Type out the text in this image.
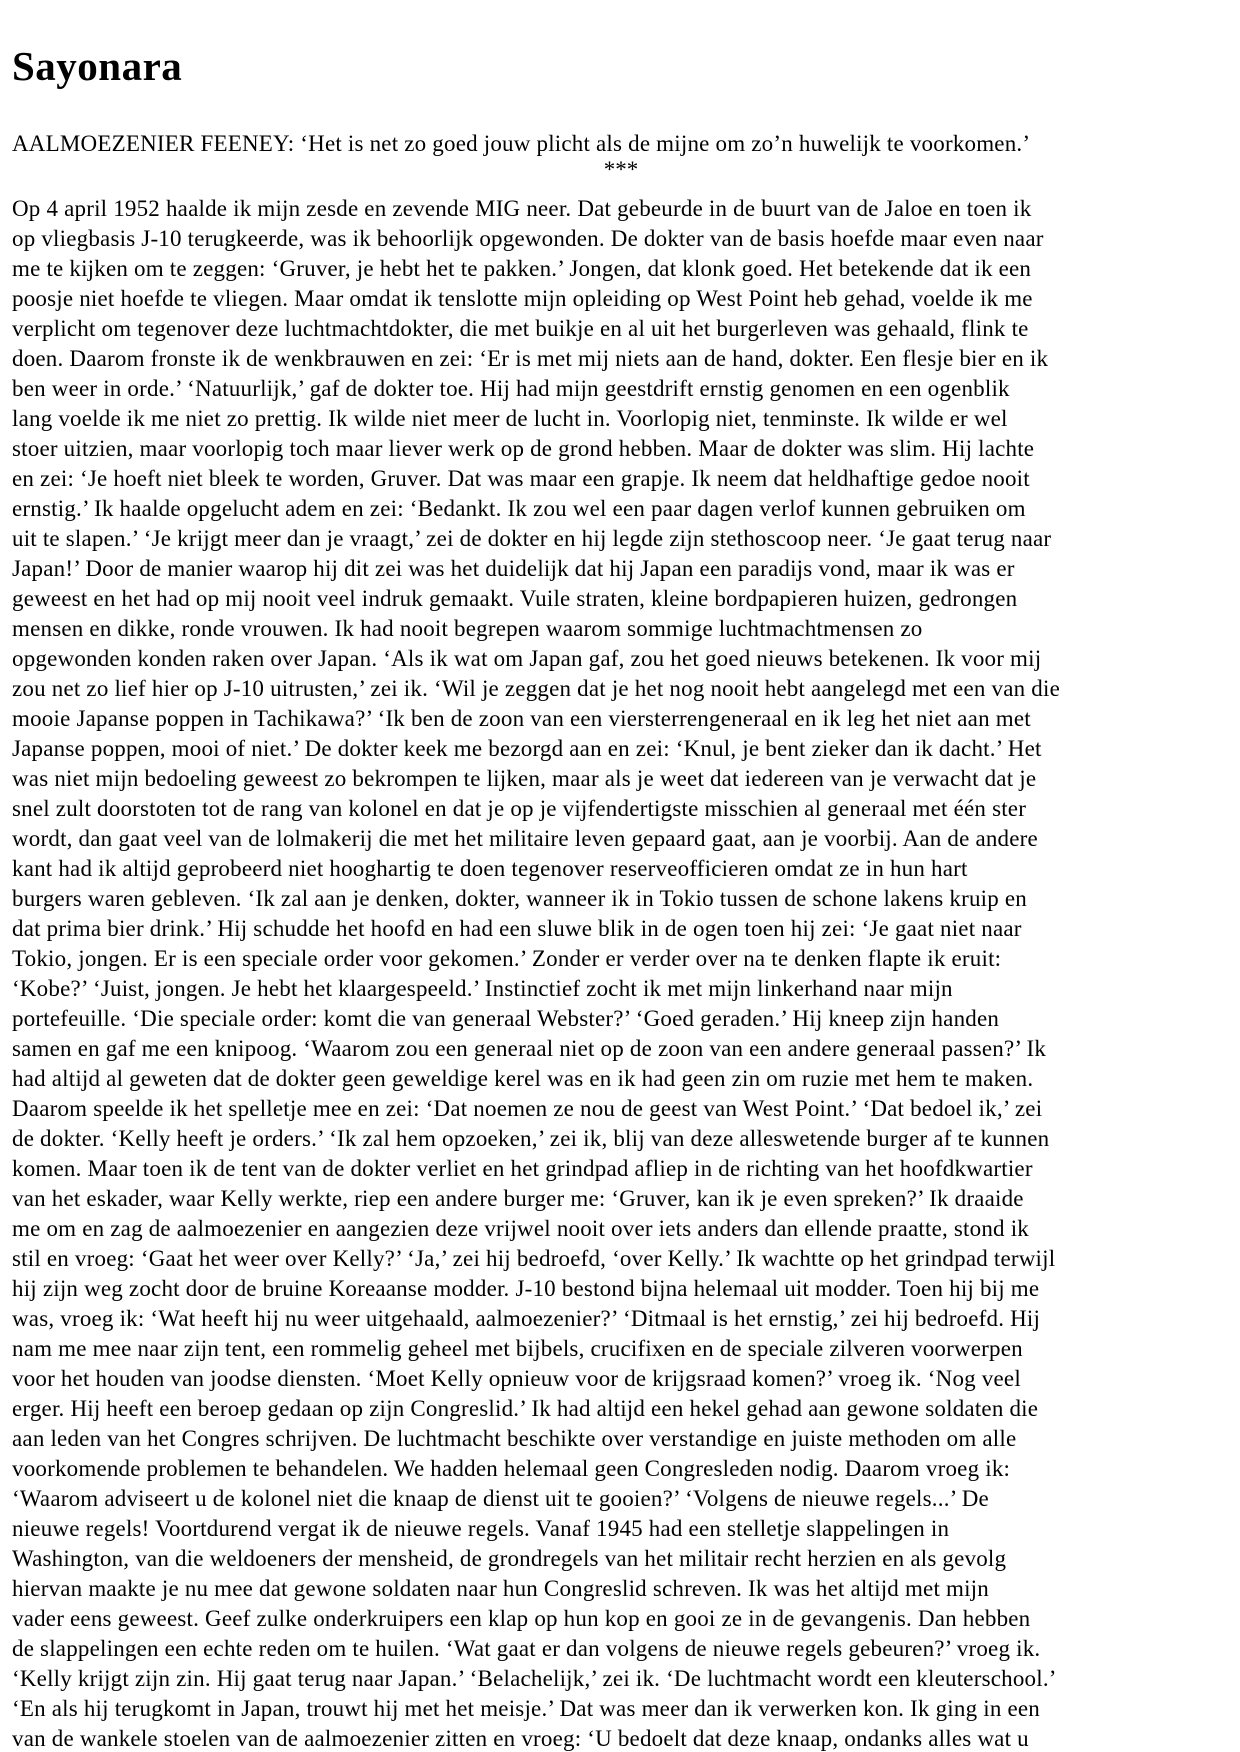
Sayonara

AALMOEZENIER FEENEY: ‘Het is net zo goed jouw plicht als de mijne om zo’n huwelijk te voorkomen.’

***
Op 4 april 1952 haalde ik mijn zesde en zevende MIG neer. Dat gebeurde in de buurt van de Jaloe en toen ik
op vliegbasis J-10 terugkeerde, was ik behoorlijk opgewonden. De dokter van de basis hoefde maar even naar
me te kijken om te zeggen: ‘Gruver, je hebt het te pakken.’ Jongen, dat klonk goed. Het betekende dat ik een
poosje niet hoefde te vliegen. Maar omdat ik tenslotte mijn opleiding op West Point heb gehad, voelde ik me
verplicht om tegenover deze luchtmachtdokter, die met buikje en al uit het burgerleven was gehaald, flink te
doen. Daarom fronste ik de wenkbrauwen en zei: ‘Er is met mij niets aan de hand, dokter. Een flesje bier en ik
ben weer in orde.’ ‘Natuurlijk,’ gaf de dokter toe. Hij had mijn geestdrift ernstig genomen en een ogenblik
lang voelde ik me niet zo prettig. Ik wilde niet meer de lucht in. Voorlopig niet, tenminste. Ik wilde er wel
stoer uitzien, maar voorlopig toch maar liever werk op de grond hebben. Maar de dokter was slim. Hij lachte
en zei: ‘Je hoeft niet bleek te worden, Gruver. Dat was maar een grapje. Ik neem dat heldhaftige gedoe nooit
ernstig.’ Ik haalde opgelucht adem en zei: ‘Bedankt. Ik zou wel een paar dagen verlof kunnen gebruiken om
uit te slapen.’ ‘Je krijgt meer dan je vraagt,’ zei de dokter en hij legde zijn stethoscoop neer. ‘Je gaat terug naar
Japan!’ Door de manier waarop hij dit zei was het duidelijk dat hij Japan een paradijs vond, maar ik was er
geweest en het had op mij nooit veel indruk gemaakt. Vuile straten, kleine bordpapieren huizen, gedrongen
mensen en dikke, ronde vrouwen. Ik had nooit begrepen waarom sommige luchtmachtmensen zo
opgewonden konden raken over Japan. ‘Als ik wat om Japan gaf, zou het goed nieuws betekenen. Ik voor mij
zou net zo lief hier op J-10 uitrusten,’ zei ik. ‘Wil je zeggen dat je het nog nooit hebt aangelegd met een van die
mooie Japanse poppen in Tachikawa?’ ‘Ik ben de zoon van een viersterrengeneraal en ik leg het niet aan met
Japanse poppen, mooi of niet.’ De dokter keek me bezorgd aan en zei: ‘Knul, je bent zieker dan ik dacht.’ Het
was niet mijn bedoeling geweest zo bekrompen te lijken, maar als je weet dat iedereen van je verwacht dat je
snel zult doorstoten tot de rang van kolonel en dat je op je vijfendertigste misschien al generaal met één ster
wordt, dan gaat veel van de lolmakerij die met het militaire leven gepaard gaat, aan je voorbij. Aan de andere
kant had ik altijd geprobeerd niet hooghartig te doen tegenover reserveofficieren omdat ze in hun hart
burgers waren gebleven. ‘Ik zal aan je denken, dokter, wanneer ik in Tokio tussen de schone lakens kruip en
dat prima bier drink.’ Hij schudde het hoofd en had een sluwe blik in de ogen toen hij zei: ‘Je gaat niet naar
Tokio, jongen. Er is een speciale order voor gekomen.’ Zonder er verder over na te denken flapte ik eruit:
‘Kobe?’ ‘Juist, jongen. Je hebt het klaargespeeld.’ Instinctief zocht ik met mijn linkerhand naar mijn
portefeuille. ‘Die speciale order: komt die van generaal Webster?’ ‘Goed geraden.’ Hij kneep zijn handen
samen en gaf me een knipoog. ‘Waarom zou een generaal niet op de zoon van een andere generaal passen?’ Ik
had altijd al geweten dat de dokter geen geweldige kerel was en ik had geen zin om ruzie met hem te maken.
Daarom speelde ik het spelletje mee en zei: ‘Dat noemen ze nou de geest van West Point.’ ‘Dat bedoel ik,’ zei
de dokter. ‘Kelly heeft je orders.’ ‘Ik zal hem opzoeken,’ zei ik, blij van deze alleswetende burger af te kunnen
komen. Maar toen ik de tent van de dokter verliet en het grindpad afliep in de richting van het hoofdkwartier
van het eskader, waar Kelly werkte, riep een andere burger me: ‘Gruver, kan ik je even spreken?’ Ik draaide
me om en zag de aalmoezenier en aangezien deze vrijwel nooit over iets anders dan ellende praatte, stond ik
stil en vroeg: ‘Gaat het weer over Kelly?’ ‘Ja,’ zei hij bedroefd, ‘over Kelly.’ Ik wachtte op het grindpad terwijl
hij zijn weg zocht door de bruine Koreaanse modder. J-10 bestond bijna helemaal uit modder. Toen hij bij me
was, vroeg ik: ‘Wat heeft hij nu weer uitgehaald, aalmoezenier?’ ‘Ditmaal is het ernstig,’ zei hij bedroefd. Hij
nam me mee naar zijn tent, een rommelig geheel met bijbels, crucifixen en de speciale zilveren voorwerpen
voor het houden van joodse diensten. ‘Moet Kelly opnieuw voor de krijgsraad komen?’ vroeg ik. ‘Nog veel
erger. Hij heeft een beroep gedaan op zijn Congreslid.’ Ik had altijd een hekel gehad aan gewone soldaten die
aan leden van het Congres schrijven. De luchtmacht beschikte over verstandige en juiste methoden om alle
voorkomende problemen te behandelen. We hadden helemaal geen Congresleden nodig. Daarom vroeg ik:
‘Waarom adviseert u de kolonel niet die knaap de dienst uit te gooien?’ ‘Volgens de nieuwe regels...’ De
nieuwe regels! Voortdurend vergat ik de nieuwe regels. Vanaf 1945 had een stelletje slappelingen in
Washington, van die weldoeners der mensheid, de grondregels van het militair recht herzien en als gevolg
hiervan maakte je nu mee dat gewone soldaten naar hun Congreslid schreven. Ik was het altijd met mijn
vader eens geweest. Geef zulke onderkruipers een klap op hun kop en gooi ze in de gevangenis. Dan hebben
de slappelingen een echte reden om te huilen. ‘Wat gaat er dan volgens de nieuwe regels gebeuren?’ vroeg ik.
‘Kelly krijgt zijn zin. Hij gaat terug naar Japan.’ ‘Belachelijk,’ zei ik. ‘De luchtmacht wordt een kleuterschool.’
‘En als hij terugkomt in Japan, trouwt hij met het meisje.’ Dat was meer dan ik verwerken kon. Ik ging in een
van de wankele stoelen van de aalmoezenier zitten en vroeg: ‘U bedoelt dat deze knaap, ondanks alles wat u
